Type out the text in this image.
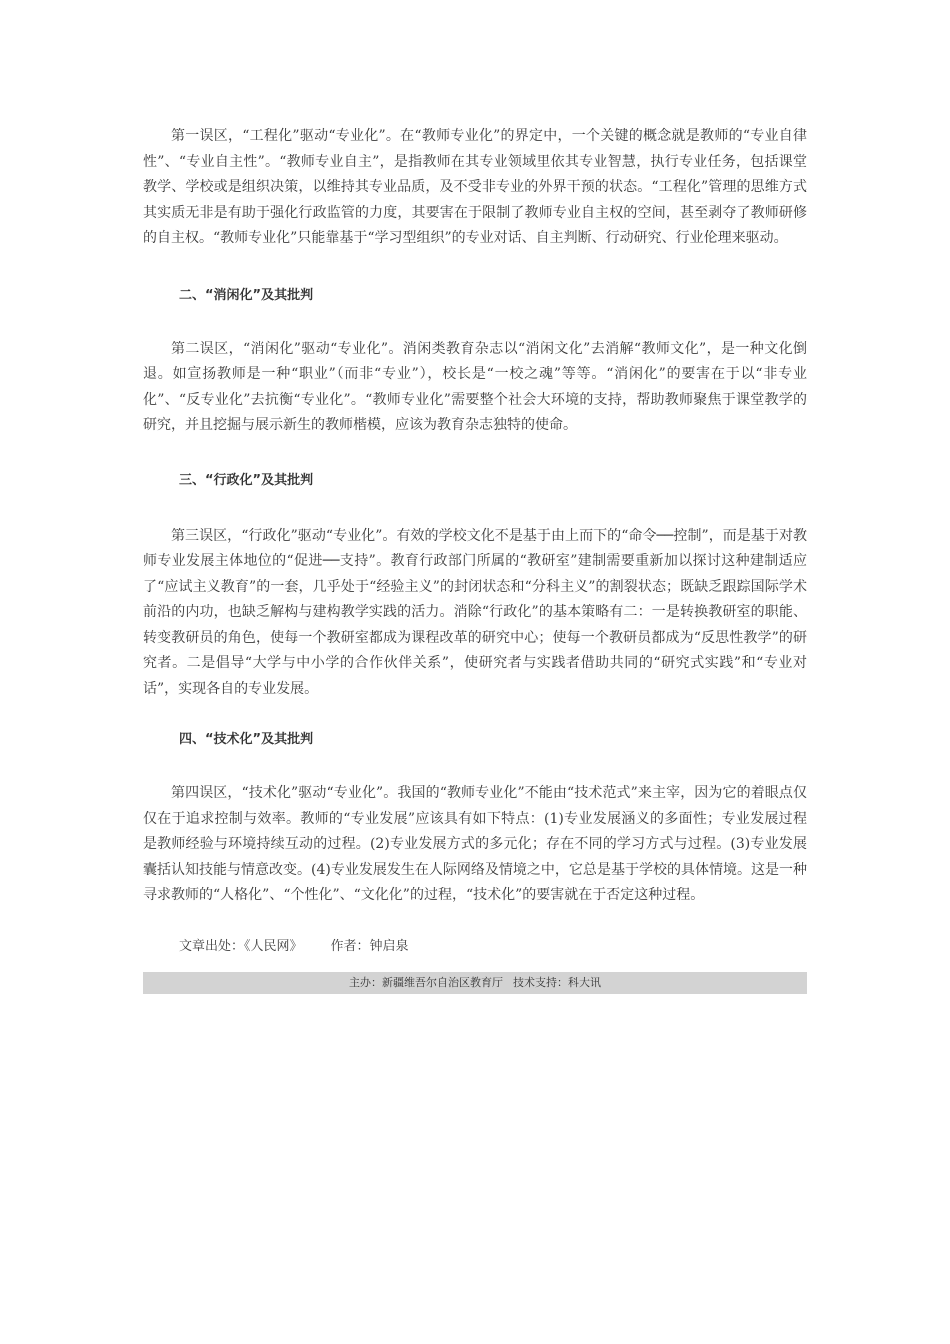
第一误区，“工程化”驱动“专业化”。在“教师专业化”的界定中，一个关键的概念就是教师的“专业自律性”、“专业自主性”。“教师专业自主”，是指教师在其专业领域里依其专业智慧，执行专业任务，包括课堂教学、学校或是组织决策，以维持其专业品质，及不受非专业的外界干预的状态。“工程化”管理的思维方式其实质无非是有助于强化行政监管的力度，其要害在于限制了教师专业自主权的空间，甚至剥夺了教师研修的自主权。“教师专业化”只能靠基于“学习型组织”的专业对话、自主判断、行动研究、行业伦理来驱动。

二、“消闲化”及其批判

第二误区，“消闲化”驱动“专业化”。消闲类教育杂志以“消闲文化”去消解“教师文化”，是一种文化倒退。如宣扬教师是一种“职业”（而非“专业”），校长是“一校之魂”等等。“消闲化”的要害在于以“非专业化”、“反专业化”去抗衡“专业化”。“教师专业化”需要整个社会大环境的支持，帮助教师聚焦于课堂教学的研究，并且挖掘与展示新生的教师楷模，应该为教育杂志独特的使命。

三、“行政化”及其批判

第三误区，“行政化”驱动“专业化”。有效的学校文化不是基于由上而下的“命令──控制”，而是基于对教师专业发展主体地位的“促进──支持”。教育行政部门所属的“教研室”建制需要重新加以探讨这种建制适应了“应试主义教育”的一套，几乎处于“经验主义”的封闭状态和“分科主义”的割裂状态；既缺乏跟踪国际学术前沿的内功，也缺乏解构与建构教学实践的活力。消除“行政化”的基本策略有二：一是转换教研室的职能、转变教研员的角色，使每一个教研室都成为课程改革的研究中心；使每一个教研员都成为“反思性教学”的研究者。二是倡导“大学与中小学的合作伙伴关系”，使研究者与实践者借助共同的“研究式实践”和“专业对话”，实现各自的专业发展。

四、“技术化”及其批判

第四误区，“技术化”驱动“专业化”。我国的“教师专业化”不能由“技术范式”来主宰，因为它的着眼点仅仅在于追求控制与效率。教师的“专业发展”应该具有如下特点：(1)专业发展涵义的多面性；专业发展过程是教师经验与环境持续互动的过程。(2)专业发展方式的多元化；存在不同的学习方式与过程。(3)专业发展囊括认知技能与情意改变。(4)专业发展发生在人际网络及情境之中，它总是基于学校的具体情境。这是一种寻求教师的“人格化”、“个性化”、“文化化”的过程，“技术化”的要害就在于否定这种过程。

文章出处：《人民网》 作者：钟启泉

主办：新疆维吾尔自治区教育厅 技术支持：科大讯
